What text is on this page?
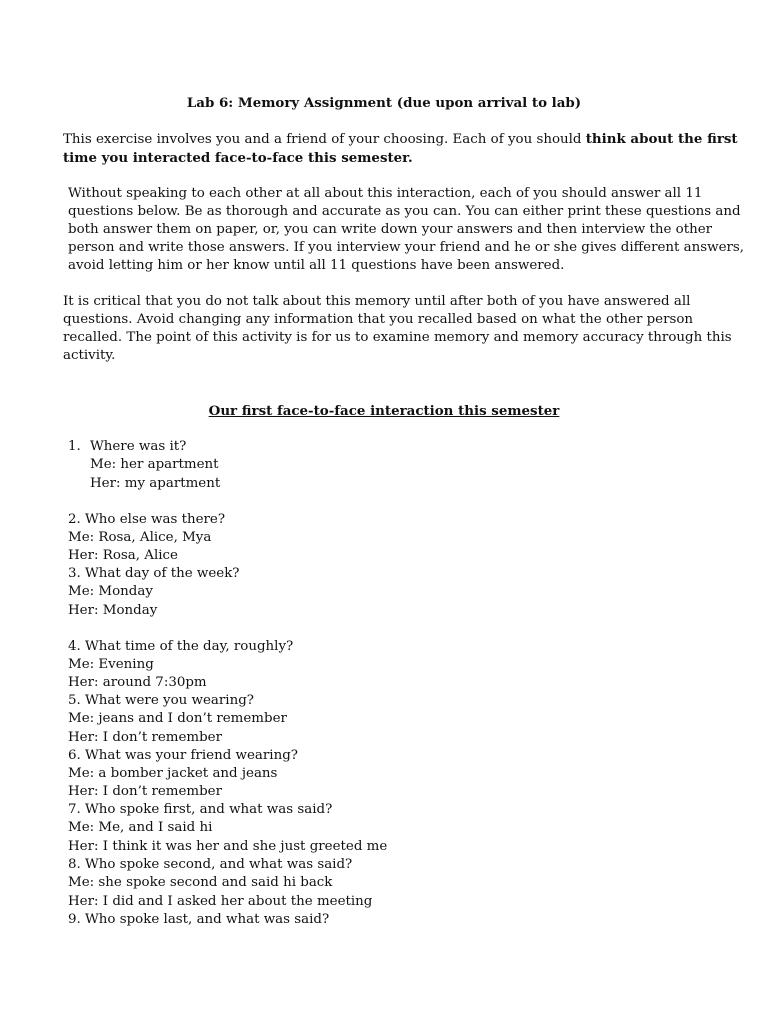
Lab 6: Memory Assignment (due upon arrival to lab)
This exercise involves you and a friend of your choosing. Each of you should think about the first
time you interacted face-to-face this semester.
Without speaking to each other at all about this interaction, each of you should answer all 11
questions below. Be as thorough and accurate as you can. You can either print these questions and
both answer them on paper, or, you can write down your answers and then interview the other
person and write those answers. If you interview your friend and he or she gives different answers,
avoid letting him or her know until all 11 questions have been answered.
It is critical that you do not talk about this memory until after both of you have answered all
questions. Avoid changing any information that you recalled based on what the other person
recalled. The point of this activity is for us to examine memory and memory accuracy through this
activity.
Our first face-to-face interaction this semester
1. Where was it?
Me: her apartment
Her: my apartment
2. Who else was there?
Me: Rosa, Alice, Mya
Her: Rosa, Alice
3. What day of the week?
Me: Monday
Her: Monday
4. What time of the day, roughly?
Me: Evening
Her: around 7:30pm
5. What were you wearing?
Me: jeans and I don’t remember
Her: I don’t remember
6. What was your friend wearing?
Me: a bomber jacket and jeans
Her: I don’t remember
7. Who spoke first, and what was said?
Me: Me, and I said hi
Her: I think it was her and she just greeted me
8. Who spoke second, and what was said?
Me: she spoke second and said hi back
Her: I did and I asked her about the meeting
9. Who spoke last, and what was said?
